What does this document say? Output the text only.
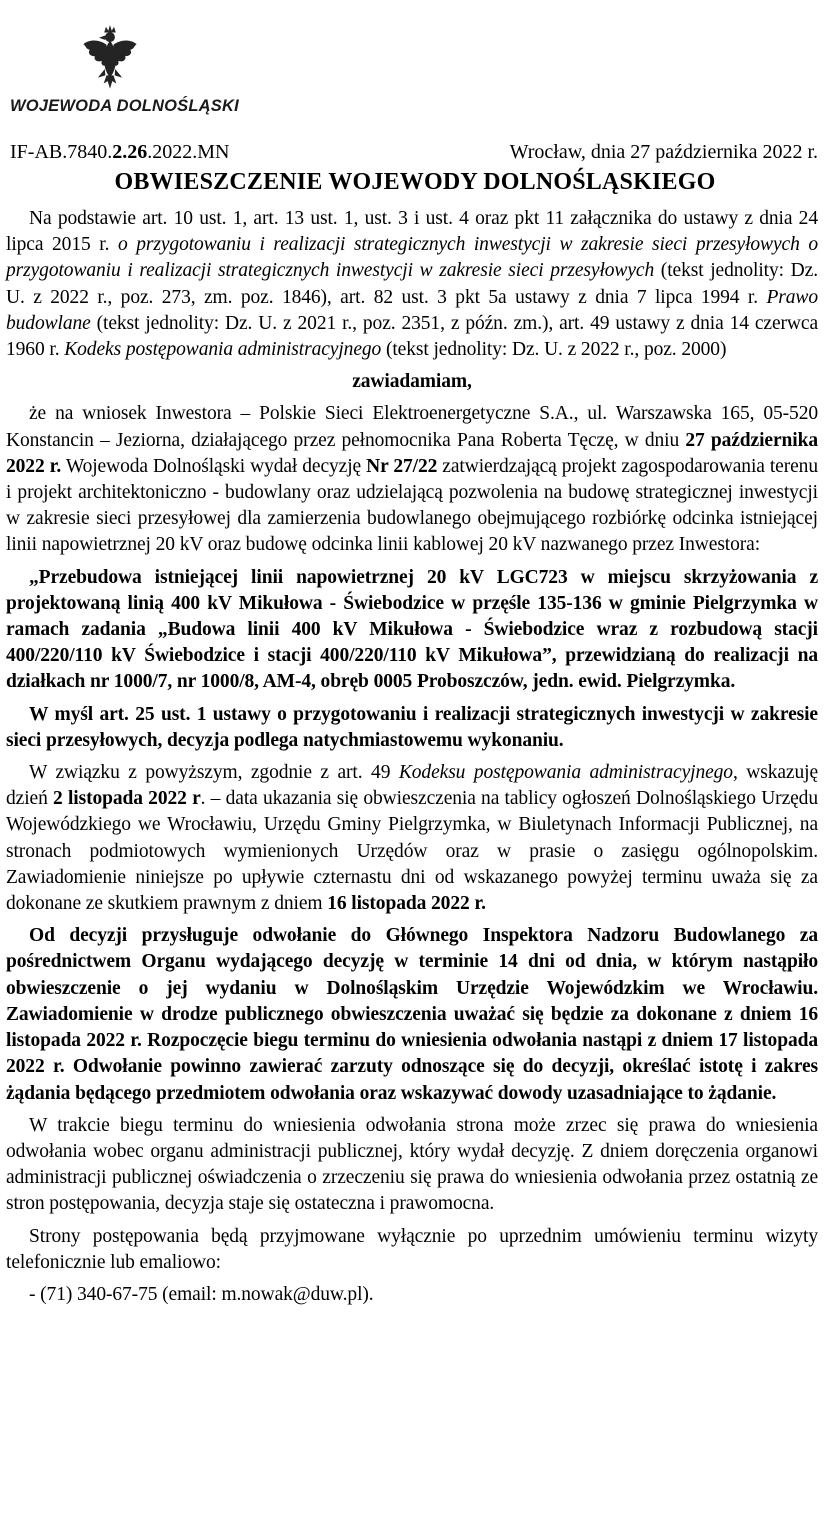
WOJEWODA DOLNOŚLĄSKI
IF-AB.7840.2.26.2022.MN	Wrocław, dnia 27 października 2022 r.
OBWIESZCZENIE WOJEWODY DOLNOŚLĄSKIEGO

Na podstawie art. 10 ust. 1, art. 13 ust. 1, ust. 3 i ust. 4 oraz pkt 11 załącznika do ustawy z dnia 24 lipca 2015 r. o przygotowaniu i realizacji strategicznych inwestycji w zakresie sieci przesyłowych o przygotowaniu i realizacji strategicznych inwestycji w zakresie sieci przesyłowych (tekst jednolity: Dz. U. z 2022 r., poz. 273, zm. poz. 1846), art. 82 ust. 3 pkt 5a ustawy z dnia 7 lipca 1994 r. Prawo budowlane (tekst jednolity: Dz. U. z 2021 r., poz. 2351, z późn. zm.), art. 49 ustawy z dnia 14 czerwca 1960 r. Kodeks postępowania administracyjnego (tekst jednolity: Dz. U. z 2022 r., poz. 2000)

zawiadamiam,

że na wniosek Inwestora – Polskie Sieci Elektroenergetyczne S.A., ul. Warszawska 165, 05-520 Konstancin – Jeziorna, działającego przez pełnomocnika Pana Roberta Tęczę, w dniu 27 października 2022 r. Wojewoda Dolnośląski wydał decyzję Nr 27/22 zatwierdzającą projekt zagospodarowania terenu i projekt architektoniczno - budowlany oraz udzielającą pozwolenia na budowę strategicznej inwestycji w zakresie sieci przesyłowej dla zamierzenia budowlanego obejmującego rozbiórkę odcinka istniejącej linii napowietrznej 20 kV oraz budowę odcinka linii kablowej 20 kV nazwanego przez Inwestora:

„Przebudowa istniejącej linii napowietrznej 20 kV LGC723 w miejscu skrzyżowania z projektowaną linią 400 kV Mikułowa - Świebodzice w przęśle 135-136 w gminie Pielgrzymka w ramach zadania „Budowa linii 400 kV Mikułowa - Świebodzice wraz z rozbudową stacji 400/220/110 kV Świebodzice i stacji 400/220/110 kV Mikułowa”, przewidzianą do realizacji na działkach nr 1000/7, nr 1000/8, AM-4, obręb 0005 Proboszczów, jedn. ewid. Pielgrzymka.

W myśl art. 25 ust. 1 ustawy o przygotowaniu i realizacji strategicznych inwestycji w zakresie sieci przesyłowych, decyzja podlega natychmiastowemu wykonaniu.

W związku z powyższym, zgodnie z art. 49 Kodeksu postępowania administracyjnego, wskazuję dzień 2 listopada 2022 r. – data ukazania się obwieszczenia na tablicy ogłoszeń Dolnośląskiego Urzędu Wojewódzkiego we Wrocławiu, Urzędu Gminy Pielgrzymka, w Biuletynach Informacji Publicznej, na stronach podmiotowych wymienionych Urzędów oraz w prasie o zasięgu ogólnopolskim. Zawiadomienie niniejsze po upływie czternastu dni od wskazanego powyżej terminu uważa się za dokonane ze skutkiem prawnym z dniem 16 listopada 2022 r.

Od decyzji przysługuje odwołanie do Głównego Inspektora Nadzoru Budowlanego za pośrednictwem Organu wydającego decyzję w terminie 14 dni od dnia, w którym nastąpiło obwieszczenie o jej wydaniu w Dolnośląskim Urzędzie Wojewódzkim we Wrocławiu. Zawiadomienie w drodze publicznego obwieszczenia uważać się będzie za dokonane z dniem 16 listopada 2022 r. Rozpoczęcie biegu terminu do wniesienia odwołania nastąpi z dniem 17 listopada 2022 r. Odwołanie powinno zawierać zarzuty odnoszące się do decyzji, określać istotę i zakres żądania będącego przedmiotem odwołania oraz wskazywać dowody uzasadniające to żądanie.

W trakcie biegu terminu do wniesienia odwołania strona może zrzec się prawa do wniesienia odwołania wobec organu administracji publicznej, który wydał decyzję. Z dniem doręczenia organowi administracji publicznej oświadczenia o zrzeczeniu się prawa do wniesienia odwołania przez ostatnią ze stron postępowania, decyzja staje się ostateczna i prawomocna.

Strony postępowania będą przyjmowane wyłącznie po uprzednim umówieniu terminu wizyty telefonicznie lub emaliowo:

- (71) 340-67-75 (email: m.nowak@duw.pl).
